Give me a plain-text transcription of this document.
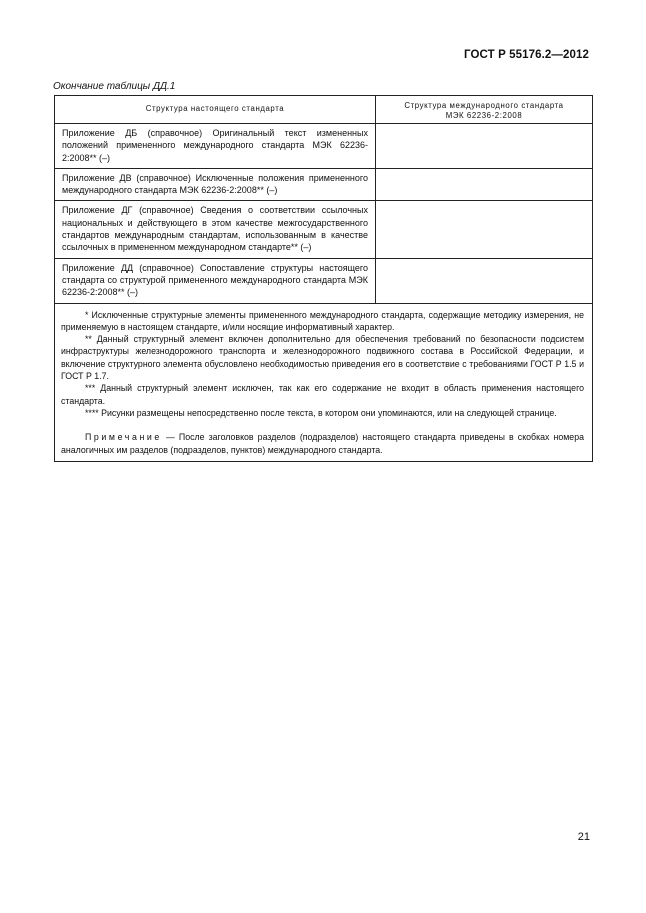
ГОСТ Р 55176.2—2012
Окончание таблицы ДД.1
Структура настоящего стандарта	Структура международного стандарта
МЭК 62236-2:2008
Приложение ДБ (справочное) Оригинальный текст измененных положений примененного международного стандарта МЭК 62236-2:2008** (–)
Приложение ДВ (справочное) Исключенные положения примененного международного стандарта МЭК 62236-2:2008** (–)
Приложение ДГ (справочное) Сведения о соответствии ссылочных национальных и действующего в этом качестве межгосударственного стандартов международным стандартам, использованным в качестве ссылочных в примененном международном стандарте** (–)
Приложение ДД (справочное) Сопоставление структуры настоящего стандарта со структурой примененного международного стандарта МЭК 62236-2:2008** (–)

* Исключенные структурные элементы примененного международного стандарта, содержащие методику измерения, не применяемую в настоящем стандарте, и/или носящие информативный характер.

** Данный структурный элемент включен дополнительно для обеспечения требований по безопасности подсистем инфраструктуры железнодорожного транспорта и железнодорожного подвижного состава в Российской Федерации, и включение структурного элемента обусловлено необходимостью приведения его в соответствие с требованиями ГОСТ Р 1.5 и ГОСТ Р 1.7.

*** Данный структурный элемент исключен, так как его содержание не входит в область применения настоящего стандарта.

**** Рисунки размещены непосредственно после текста, в котором они упоминаются, или на следующей странице.

Примечание — После заголовков разделов (подразделов) настоящего стандарта приведены в скобках номера аналогичных им разделов (подразделов, пунктов) международного стандарта.

21
